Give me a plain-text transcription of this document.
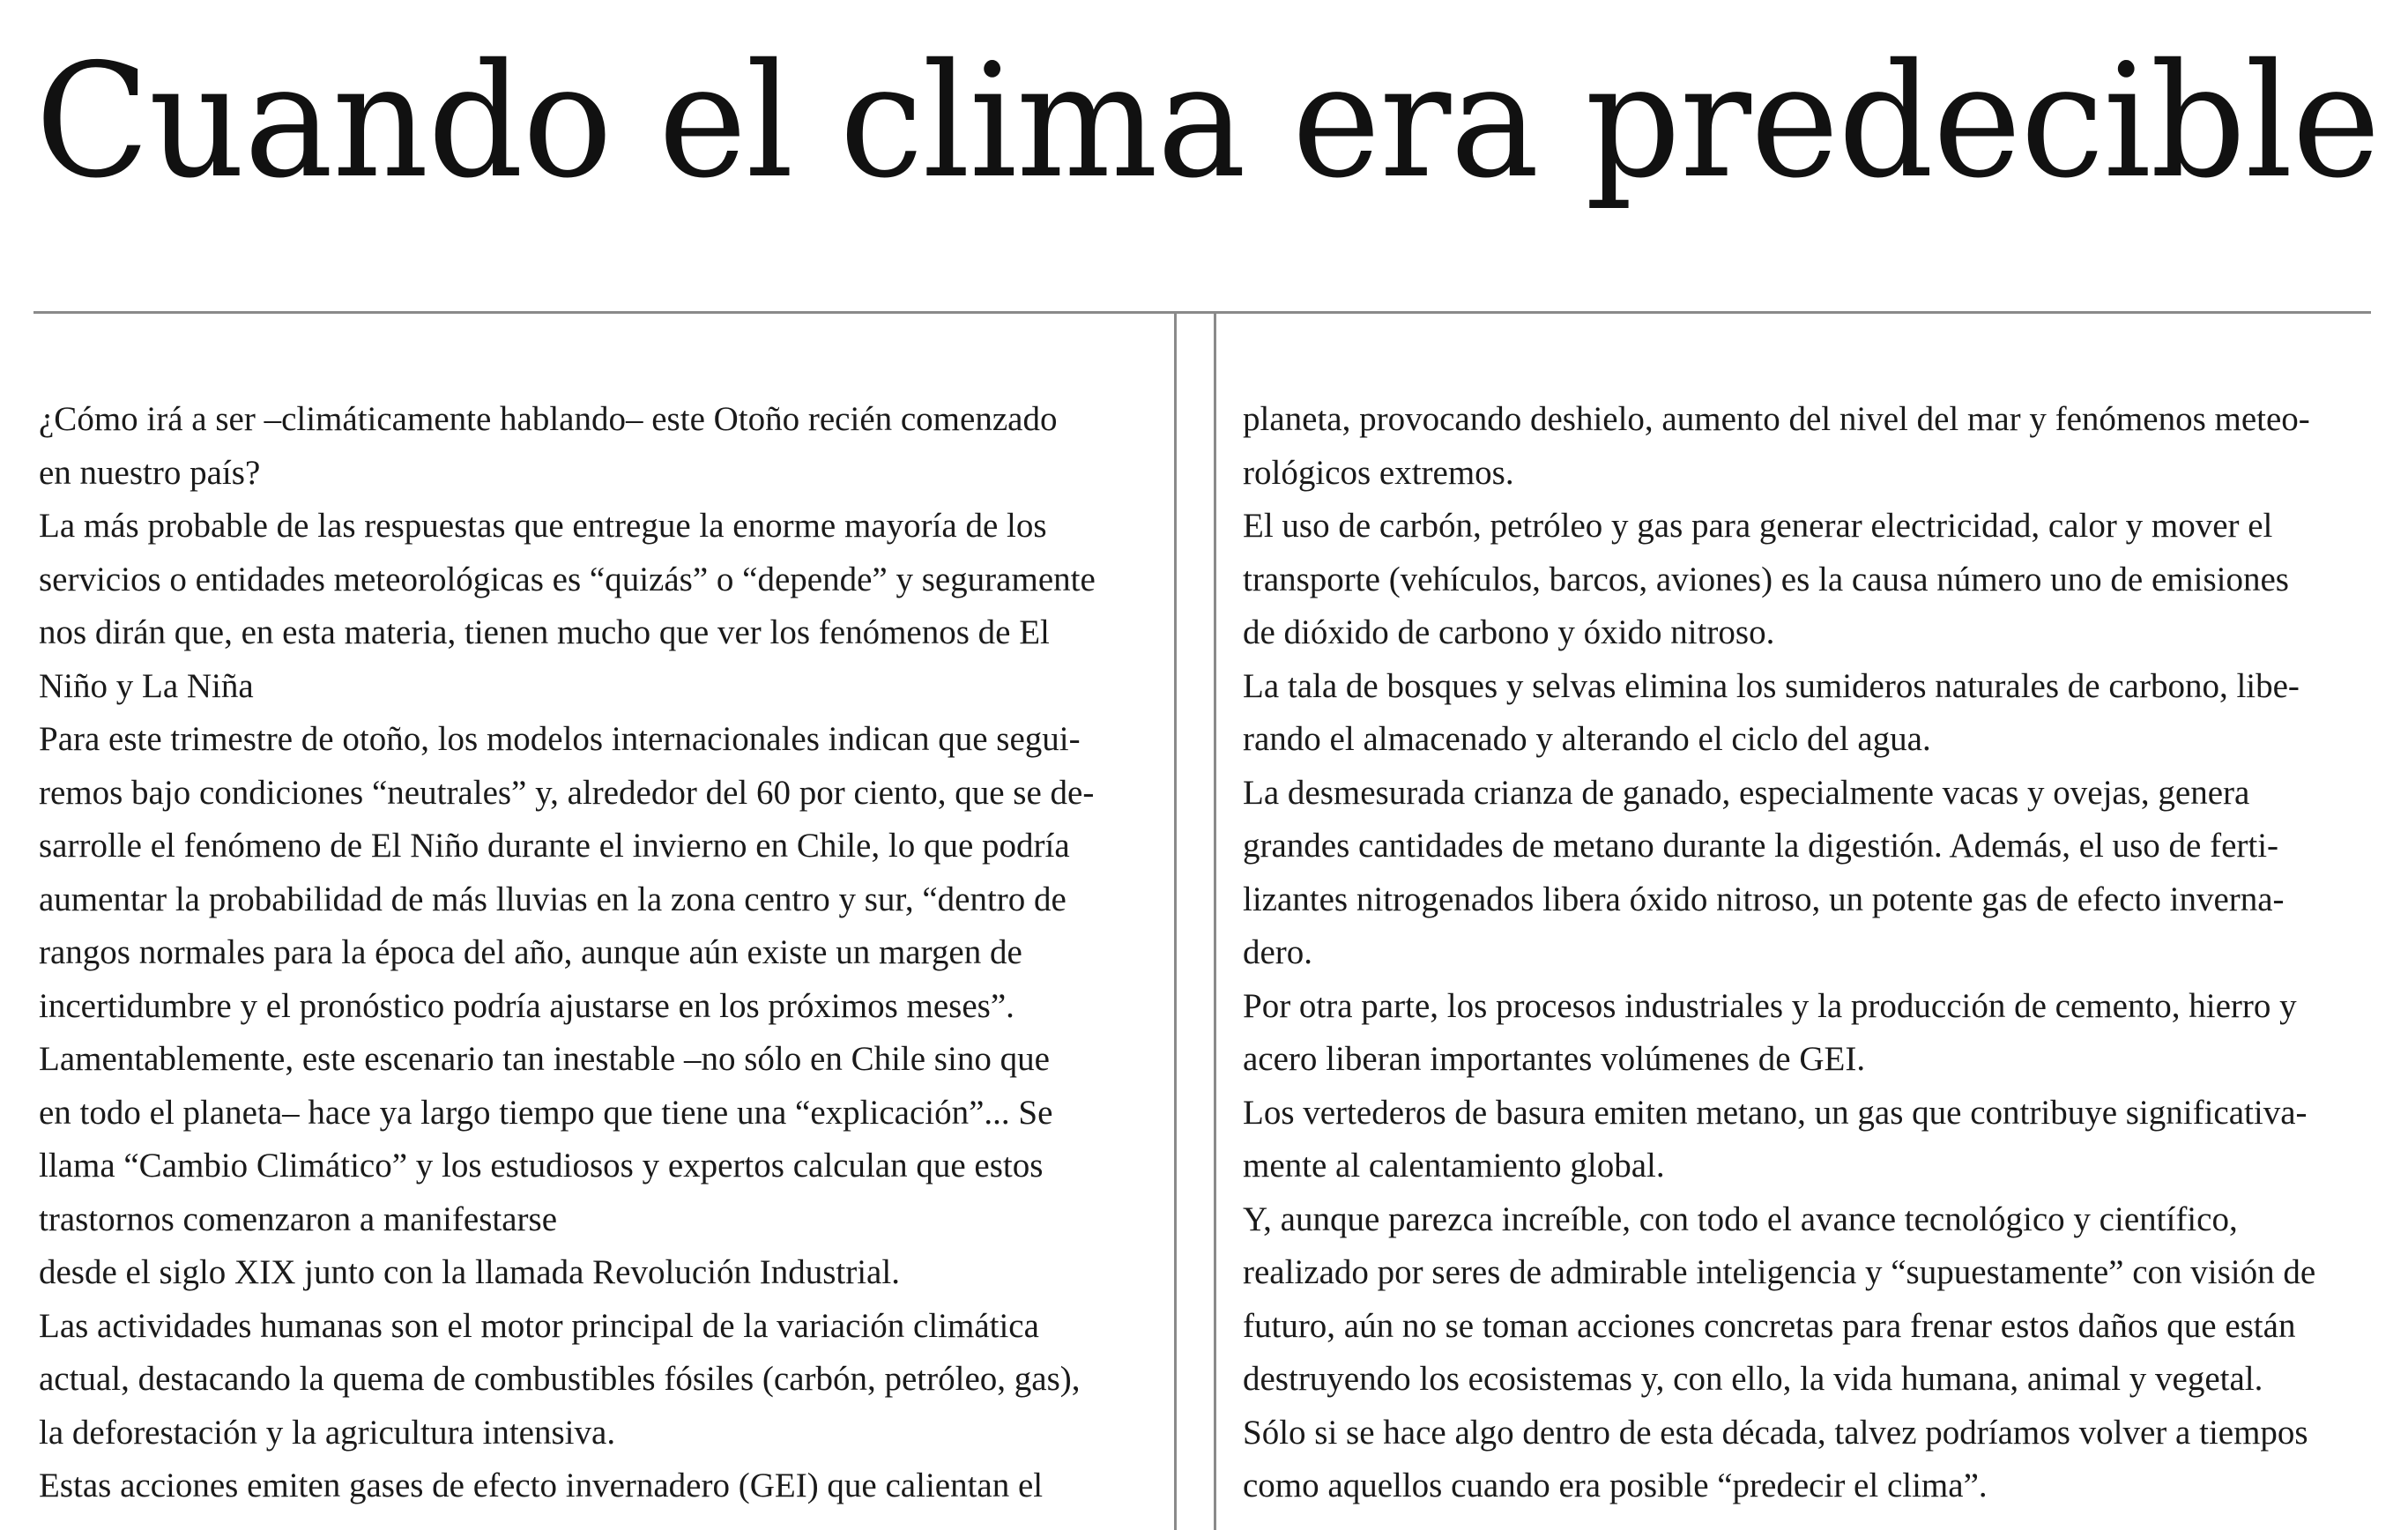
Cuando el clima era predecible
¿Cómo irá a ser –climáticamente hablando– este Otoño recién comenzado
en nuestro país?
La más probable de las respuestas que entregue la enorme mayoría de los
servicios o entidades meteorológicas es “quizás” o “depende” y seguramente
nos dirán que, en esta materia, tienen mucho que ver los fenómenos de El
Niño y La Niña
Para este trimestre de otoño, los modelos internacionales indican que segui-
remos bajo condiciones “neutrales” y, alrededor del 60 por ciento, que se de-
sarrolle el fenómeno de El Niño durante el invierno en Chile, lo que podría
aumentar la probabilidad de más lluvias en la zona centro y sur, “dentro de
rangos normales para la época del año, aunque aún existe un margen de
incertidumbre y el pronóstico podría ajustarse en los próximos meses”.
Lamentablemente, este escenario tan inestable –no sólo en Chile sino que
en todo el planeta– hace ya largo tiempo que tiene una “explicación”... Se
llama “Cambio Climático” y los estudiosos y expertos calculan que estos
trastornos comenzaron a manifestarse
desde el siglo XIX junto con la llamada Revolución Industrial.
Las actividades humanas son el motor principal de la variación climática
actual, destacando la quema de combustibles fósiles (carbón, petróleo, gas),
la deforestación y la agricultura intensiva.
Estas acciones emiten gases de efecto invernadero (GEI) que calientan el
planeta, provocando deshielo, aumento del nivel del mar y fenómenos meteo-
rológicos extremos.
El uso de carbón, petróleo y gas para generar electricidad, calor y mover el
transporte (vehículos, barcos, aviones) es la causa número uno de emisiones
de dióxido de carbono y óxido nitroso.
La tala de bosques y selvas elimina los sumideros naturales de carbono, libe-
rando el almacenado y alterando el ciclo del agua.
La desmesurada crianza de ganado, especialmente vacas y ovejas, genera
grandes cantidades de metano durante la digestión. Además, el uso de ferti-
lizantes nitrogenados libera óxido nitroso, un potente gas de efecto inverna-
dero.
Por otra parte, los procesos industriales y la producción de cemento, hierro y
acero liberan importantes volúmenes de GEI.
Los vertederos de basura emiten metano, un gas que contribuye significativa-
mente al calentamiento global.
Y, aunque parezca increíble, con todo el avance tecnológico y científico,
realizado por seres de admirable inteligencia y “supuestamente” con visión de
futuro, aún no se toman acciones concretas para frenar estos daños que están
destruyendo los ecosistemas y, con ello, la vida humana, animal y vegetal.
Sólo si se hace algo dentro de esta década, talvez podríamos volver a tiempos
como aquellos cuando era posible “predecir el clima”.
